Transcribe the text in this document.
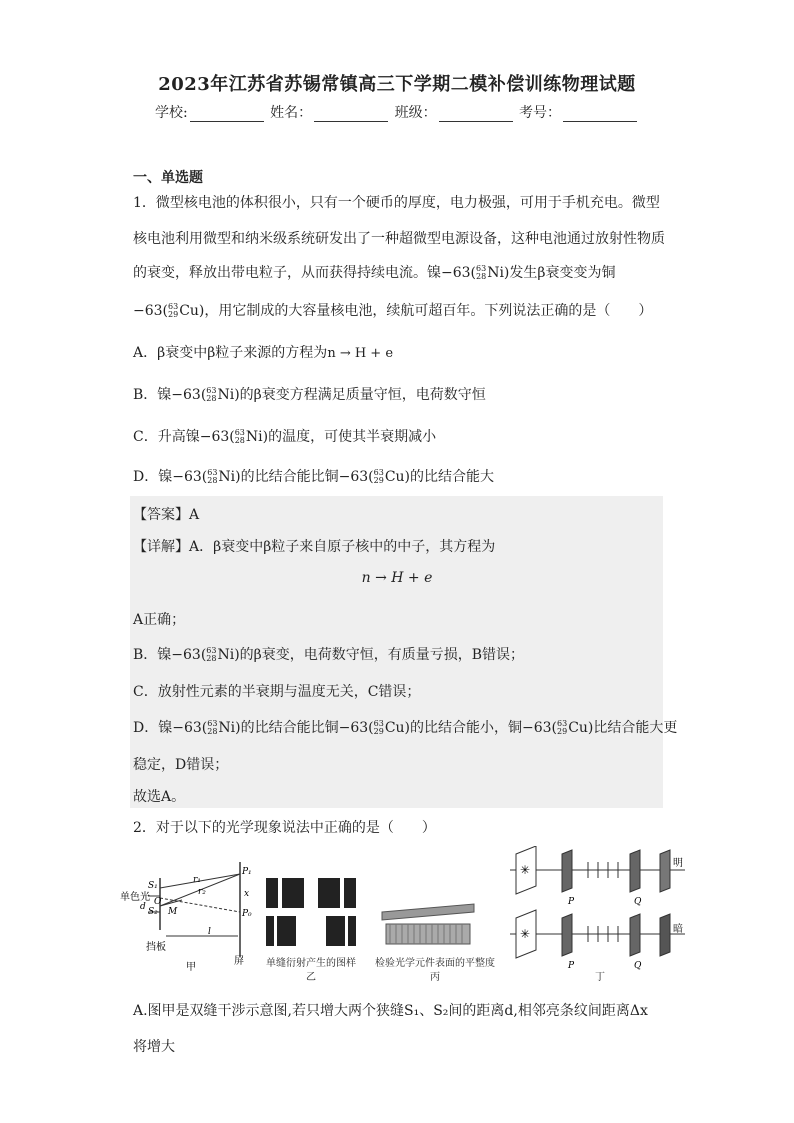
2023年江苏省苏锡常镇高三下学期二模补偿训练物理试题
学校:	姓名：	班级：	考号：
一、单选题
1．微型核电池的体积很小，只有一个硬币的厚度，电力极强，可用于手机充电。微型
核电池利用微型和纳米级系统研发出了一种超微型电源设备，这种电池通过放射性物质
的衰变，释放出带电粒子，从而获得持续电流。镍−63(63
28Ni)发生β衰变变为铜
−63(63
29Cu)，用它制成的大容量核电池，续航可超百年。下列说法正确的是（　　）
A．β衰变中β粒子来源的方程为n → H + e
B．镍−63(63
28Ni)的β衰变方程满足质量守恒，电荷数守恒
C．升高镍−63(63
28Ni)的温度，可使其半衰期减小
D．镍−63(63
28Ni)的比结合能比铜−63(63
29Cu)的比结合能大
【答案】A
【详解】A．β衰变中β粒子来自原子核中的中子，其方程为
n → H + e
A正确；
B．镍−63(63
28Ni)的β衰变，电荷数守恒，有质量亏损，B错误；
C．放射性元素的半衰期与温度无关，C错误；
D．镍−63(63
28Ni)的比结合能比铜−63(63
29Cu)的比结合能小，铜−63(63
29Cu)比结合能大更
稳定，D错误；
故选A。
2．对于以下的光学现象说法中正确的是（　　）
单色光
S₁
S₂
d O
r₁
r₂
M
P₁
P₀
x
l
挡板
屏
甲	单缝衍射产生的图样
乙
检验光学元件表面的平整度
丙
✳
P	Q
明
✳
P	Q
暗
丁
A.图甲是双缝干涉示意图,若只增大两个狭缝S₁、S₂间的距离d,相邻亮条纹间距离Δx
将增大
